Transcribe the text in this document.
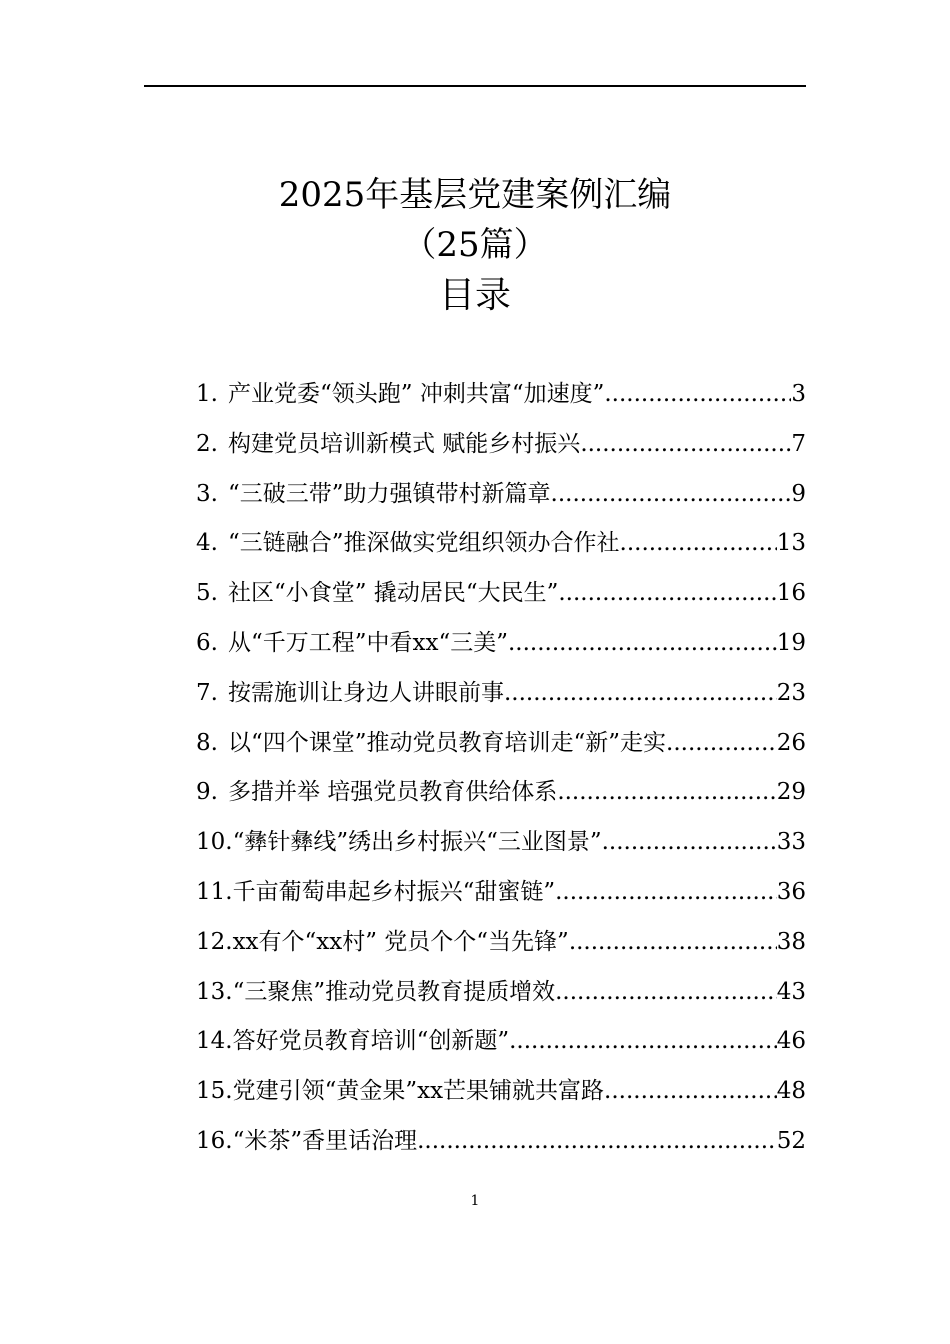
2025年基层党建案例汇编
（25篇）
目录
1. 产业党委“领头跑” 冲刺共富“加速度” .....	3
2. 构建党员培训新模式 赋能乡村振兴 .....	7
3. “三破三带”助力强镇带村新篇章 .....	9
4. “三链融合”推深做实党组织领办合作社 .....	13
5. 社区“小食堂” 撬动居民“大民生” .....	16
6. 从“千万工程”中看xx“三美” .....	19
7. 按需施训让身边人讲眼前事 .....	23
8. 以“四个课堂”推动党员教育培训走“新”走实 .....	26
9. 多措并举 培强党员教育供给体系 .....	29
10. “彝针彝线”绣出乡村振兴“三业图景” .....	33
11. 千亩葡萄串起乡村振兴“甜蜜链” .....	36
12. xx有个“xx村” 党员个个“当先锋” .....	38
13. “三聚焦”推动党员教育提质增效 .....	43
14. 答好党员教育培训“创新题” .....	46
15. 党建引领“黄金果”xx芒果铺就共富路 .....	48
16. “米茶”香里话治理 .....	52
1
